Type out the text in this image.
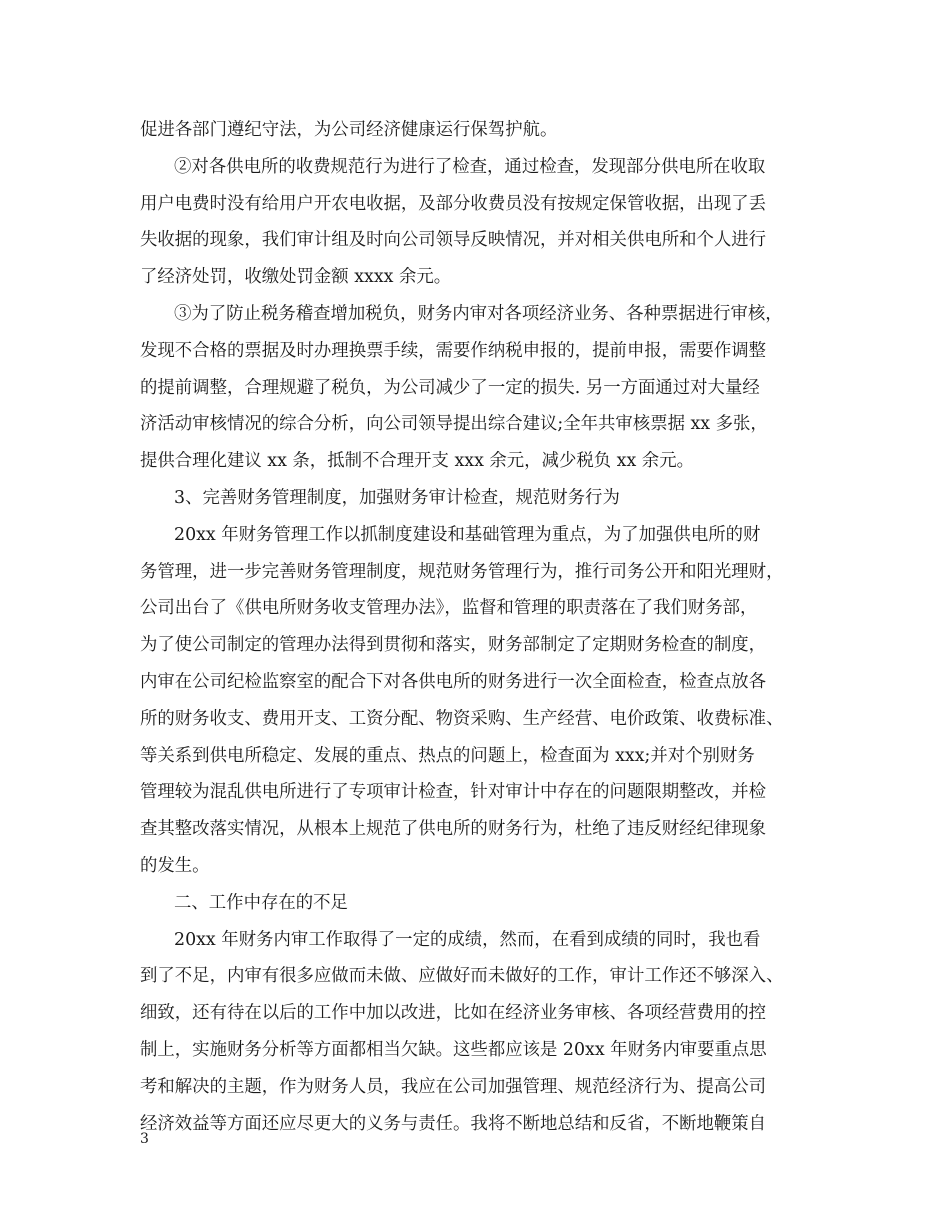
促进各部门遵纪守法，为公司经济健康运行保驾护航。
②对各供电所的收费规范行为进行了检查，通过检查，发现部分供电所在收取
用户电费时没有给用户开农电收据，及部分收费员没有按规定保管收据，出现了丢
失收据的现象，我们审计组及时向公司领导反映情况，并对相关供电所和个人进行
了经济处罚，收缴处罚金额 xxxx 余元。
③为了防止税务稽查增加税负，财务内审对各项经济业务、各种票据进行审核，
发现不合格的票据及时办理换票手续，需要作纳税申报的，提前申报，需要作调整
的提前调整，合理规避了税负，为公司减少了一定的损失. 另一方面通过对大量经
济活动审核情况的综合分析，向公司领导提出综合建议;全年共审核票据 xx 多张，
提供合理化建议 xx 条，抵制不合理开支 xxx 余元，减少税负 xx 余元。
3、完善财务管理制度，加强财务审计检查，规范财务行为
20xx 年财务管理工作以抓制度建设和基础管理为重点，为了加强供电所的财
务管理，进一步完善财务管理制度，规范财务管理行为，推行司务公开和阳光理财，
公司出台了《供电所财务收支管理办法》，监督和管理的职责落在了我们财务部，
为了使公司制定的管理办法得到贯彻和落实，财务部制定了定期财务检查的制度，
内审在公司纪检监察室的配合下对各供电所的财务进行一次全面检查，检查点放各
所的财务收支、费用开支、工资分配、物资采购、生产经营、电价政策、收费标准、
等关系到供电所稳定、发展的重点、热点的问题上，检查面为 xxx;并对个别财务
管理较为混乱供电所进行了专项审计检查，针对审计中存在的问题限期整改，并检
查其整改落实情况，从根本上规范了供电所的财务行为，杜绝了违反财经纪律现象
的发生。
二、工作中存在的不足
20xx 年财务内审工作取得了一定的成绩，然而，在看到成绩的同时，我也看
到了不足，内审有很多应做而未做、应做好而未做好的工作，审计工作还不够深入、
细致，还有待在以后的工作中加以改进，比如在经济业务审核、各项经营费用的控
制上，实施财务分析等方面都相当欠缺。这些都应该是 20xx 年财务内审要重点思
考和解决的主题，作为财务人员，我应在公司加强管理、规范经济行为、提高公司
经济效益等方面还应尽更大的义务与责任。我将不断地总结和反省，不断地鞭策自
3
